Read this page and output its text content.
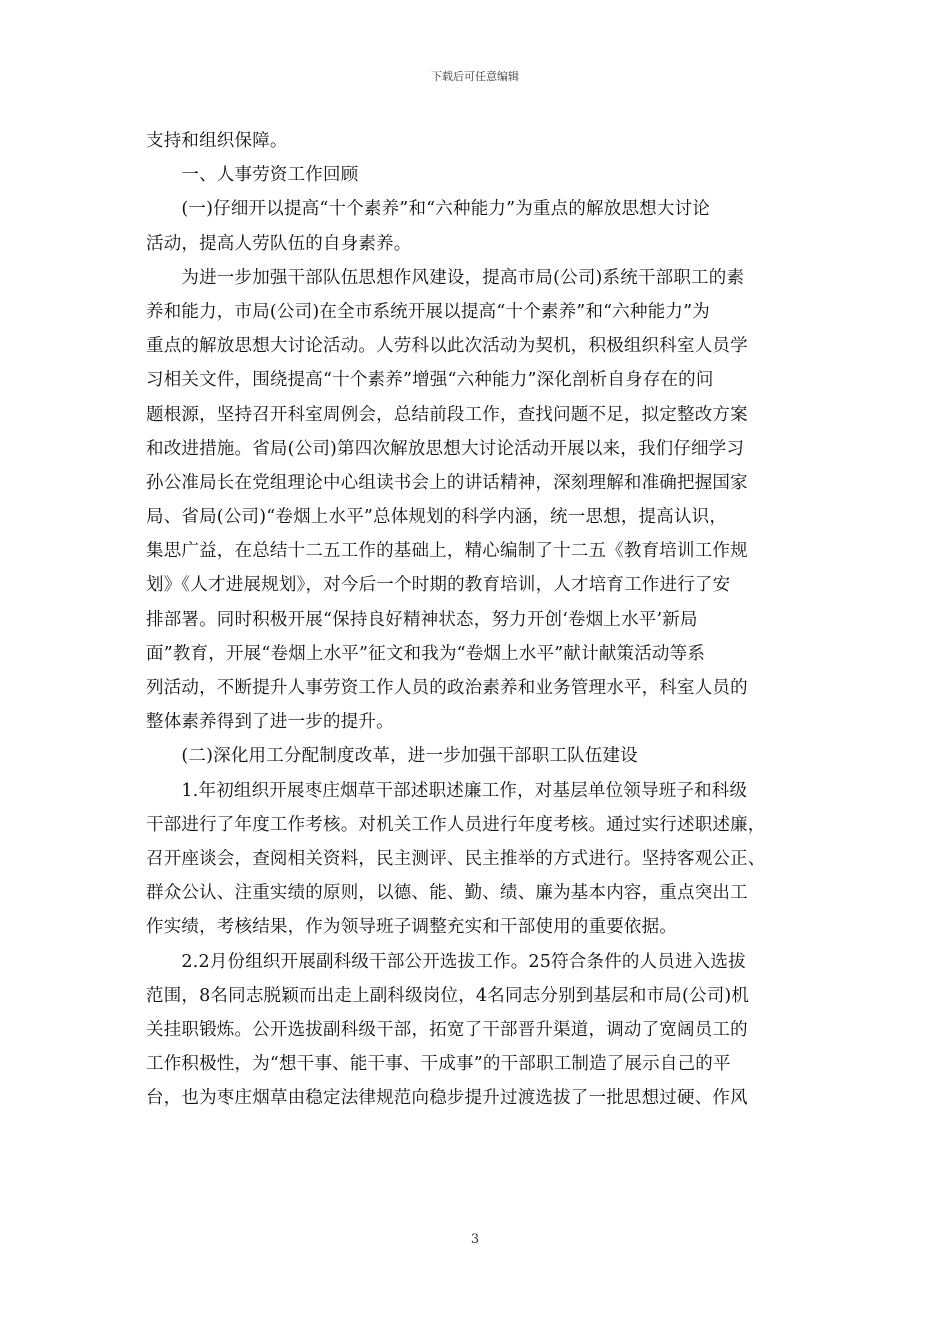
下载后可任意编辑
支持和组织保障。
　　一、人事劳资工作回顾
　　(一)仔细开以提高“十个素养”和“六种能力”为重点的解放思想大讨论
活动，提高人劳队伍的自身素养。
　　为进一步加强干部队伍思想作风建设，提高市局(公司)系统干部职工的素
养和能力，市局(公司)在全市系统开展以提高“十个素养”和“六种能力”为
重点的解放思想大讨论活动。人劳科以此次活动为契机，积极组织科室人员学
习相关文件，围绕提高“十个素养”增强“六种能力”深化剖析自身存在的问
题根源，坚持召开科室周例会，总结前段工作，查找问题不足，拟定整改方案
和改进措施。省局(公司)第四次解放思想大讨论活动开展以来，我们仔细学习
孙公准局长在党组理论中心组读书会上的讲话精神，深刻理解和准确把握国家
局、省局(公司)“卷烟上水平”总体规划的科学内涵，统一思想，提高认识，
集思广益，在总结十二五工作的基础上，精心编制了十二五《教育培训工作规
划》《人才进展规划》，对今后一个时期的教育培训，人才培育工作进行了安
排部署。同时积极开展“保持良好精神状态，努力开创‘卷烟上水平’新局
面”教育，开展“卷烟上水平”征文和我为“卷烟上水平”献计献策活动等系
列活动，不断提升人事劳资工作人员的政治素养和业务管理水平，科室人员的
整体素养得到了进一步的提升。
　　(二)深化用工分配制度改革，进一步加强干部职工队伍建设
　　1.年初组织开展枣庄烟草干部述职述廉工作，对基层单位领导班子和科级
干部进行了年度工作考核。对机关工作人员进行年度考核。通过实行述职述廉，
召开座谈会，查阅相关资料，民主测评、民主推举的方式进行。坚持客观公正、
群众公认、注重实绩的原则，以德、能、勤、绩、廉为基本内容，重点突出工
作实绩，考核结果，作为领导班子调整充实和干部使用的重要依据。
　　2.2月份组织开展副科级干部公开选拔工作。25符合条件的人员进入选拔
范围，8名同志脱颖而出走上副科级岗位，4名同志分别到基层和市局(公司)机
关挂职锻炼。公开选拔副科级干部，拓宽了干部晋升渠道，调动了宽阔员工的
工作积极性，为“想干事、能干事、干成事”的干部职工制造了展示自己的平
台，也为枣庄烟草由稳定法律规范向稳步提升过渡选拔了一批思想过硬、作风
3
